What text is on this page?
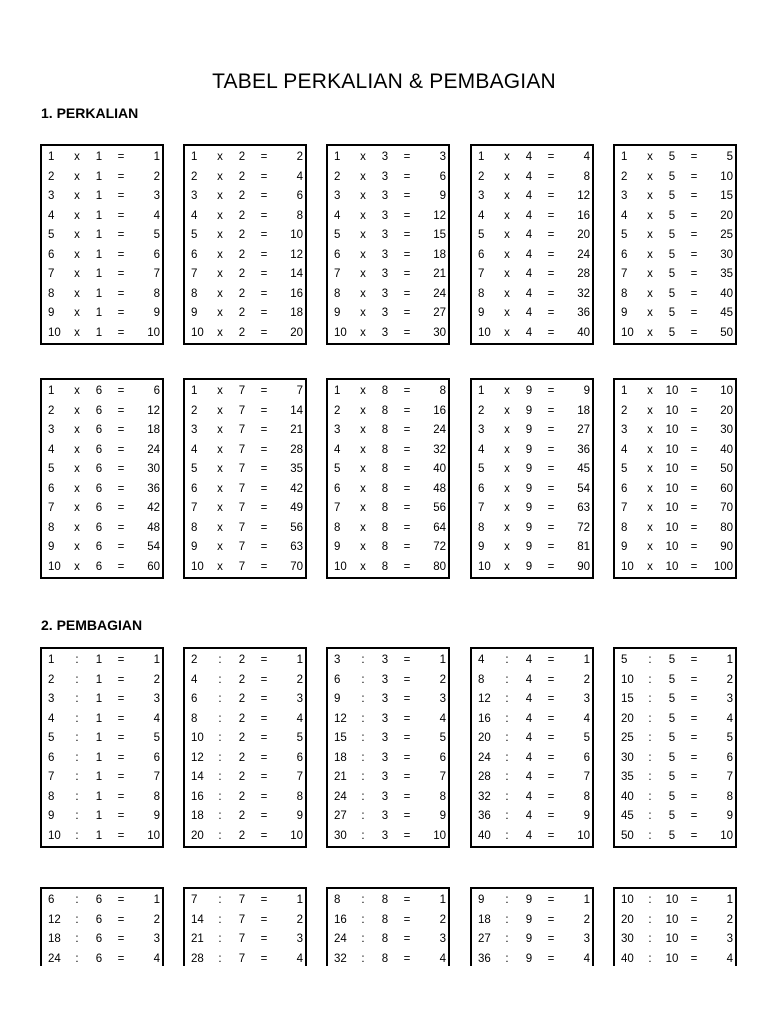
TABEL PERKALIAN & PEMBAGIAN
1. PERKALIAN
2. PEMBAGIAN
1	x	1	=	1
2	x	1	=	2
3	x	1	=	3
4	x	1	=	4
5	x	1	=	5
6	x	1	=	6
7	x	1	=	7
8	x	1	=	8
9	x	1	=	9
10	x	1	=	10
1	x	2	=	2
2	x	2	=	4
3	x	2	=	6
4	x	2	=	8
5	x	2	=	10
6	x	2	=	12
7	x	2	=	14
8	x	2	=	16
9	x	2	=	18
10	x	2	=	20
1	x	3	=	3
2	x	3	=	6
3	x	3	=	9
4	x	3	=	12
5	x	3	=	15
6	x	3	=	18
7	x	3	=	21
8	x	3	=	24
9	x	3	=	27
10	x	3	=	30
1	x	4	=	4
2	x	4	=	8
3	x	4	=	12
4	x	4	=	16
5	x	4	=	20
6	x	4	=	24
7	x	4	=	28
8	x	4	=	32
9	x	4	=	36
10	x	4	=	40
1	x	5	=	5
2	x	5	=	10
3	x	5	=	15
4	x	5	=	20
5	x	5	=	25
6	x	5	=	30
7	x	5	=	35
8	x	5	=	40
9	x	5	=	45
10	x	5	=	50
1	x	6	=	6
2	x	6	=	12
3	x	6	=	18
4	x	6	=	24
5	x	6	=	30
6	x	6	=	36
7	x	6	=	42
8	x	6	=	48
9	x	6	=	54
10	x	6	=	60
1	x	7	=	7
2	x	7	=	14
3	x	7	=	21
4	x	7	=	28
5	x	7	=	35
6	x	7	=	42
7	x	7	=	49
8	x	7	=	56
9	x	7	=	63
10	x	7	=	70
1	x	8	=	8
2	x	8	=	16
3	x	8	=	24
4	x	8	=	32
5	x	8	=	40
6	x	8	=	48
7	x	8	=	56
8	x	8	=	64
9	x	8	=	72
10	x	8	=	80
1	x	9	=	9
2	x	9	=	18
3	x	9	=	27
4	x	9	=	36
5	x	9	=	45
6	x	9	=	54
7	x	9	=	63
8	x	9	=	72
9	x	9	=	81
10	x	9	=	90
1	x	10	=	10
2	x	10	=	20
3	x	10	=	30
4	x	10	=	40
5	x	10	=	50
6	x	10	=	60
7	x	10	=	70
8	x	10	=	80
9	x	10	=	90
10	x	10	=	100
1	:	1	=	1
2	:	1	=	2
3	:	1	=	3
4	:	1	=	4
5	:	1	=	5
6	:	1	=	6
7	:	1	=	7
8	:	1	=	8
9	:	1	=	9
10	:	1	=	10
2	:	2	=	1
4	:	2	=	2
6	:	2	=	3
8	:	2	=	4
10	:	2	=	5
12	:	2	=	6
14	:	2	=	7
16	:	2	=	8
18	:	2	=	9
20	:	2	=	10
3	:	3	=	1
6	:	3	=	2
9	:	3	=	3
12	:	3	=	4
15	:	3	=	5
18	:	3	=	6
21	:	3	=	7
24	:	3	=	8
27	:	3	=	9
30	:	3	=	10
4	:	4	=	1
8	:	4	=	2
12	:	4	=	3
16	:	4	=	4
20	:	4	=	5
24	:	4	=	6
28	:	4	=	7
32	:	4	=	8
36	:	4	=	9
40	:	4	=	10
5	:	5	=	1
10	:	5	=	2
15	:	5	=	3
20	:	5	=	4
25	:	5	=	5
30	:	5	=	6
35	:	5	=	7
40	:	5	=	8
45	:	5	=	9
50	:	5	=	10
6	:	6	=	1
12	:	6	=	2
18	:	6	=	3
24	:	6	=	4
7	:	7	=	1
14	:	7	=	2
21	:	7	=	3
28	:	7	=	4
8	:	8	=	1
16	:	8	=	2
24	:	8	=	3
32	:	8	=	4
9	:	9	=	1
18	:	9	=	2
27	:	9	=	3
36	:	9	=	4
10	:	10	=	1
20	:	10	=	2
30	:	10	=	3
40	:	10	=	4
